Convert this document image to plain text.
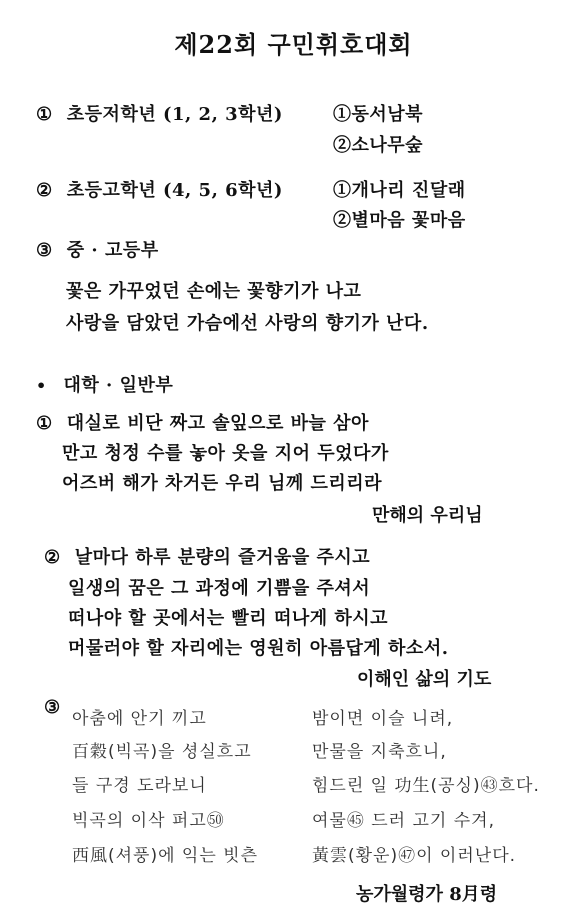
제22회 구민휘호대회
① 초등저학년 (1, 2, 3학년)	①동서남북
②소나무숲
② 초등고학년 (4, 5, 6학년)	①개나리 진달래
②별마음 꽃마음
③ 중 · 고등부
꽃은 가꾸었던 손에는 꽃향기가 나고
사랑을 담았던 가슴에선 사랑의 향기가 난다.
• 대학 · 일반부
① 대실로 비단 짜고 솔잎으로 바늘 삼아
만고 청정 수를 놓아 옷을 지어 두었다가
어즈버 해가 차거든 우리 님께 드리리라
만해의 우리님
② 날마다 하루 분량의 즐거움을 주시고
일생의 꿈은 그 과정에 기쁨을 주셔서
떠나야 할 곳에서는 빨리 떠나게 하시고
머물러야 할 자리에는 영원히 아름답게 하소서.
이해인 삶의 기도
③
아춤에 안기 끼고
百穀(빅곡)을 셩실흐고
들 구경 도라보니
빅곡의 이삭 퍼고㊿
西風(셔풍)에 익는 빗츤
밤이면 이슬 니려,
만물을 지축흐니,
힘드린 일 功生(공싱)㊸흐다.
여물㊺ 드러 고기 수겨,
黃雲(황운)㊼이 이러난다.
농가월령가 8月령
